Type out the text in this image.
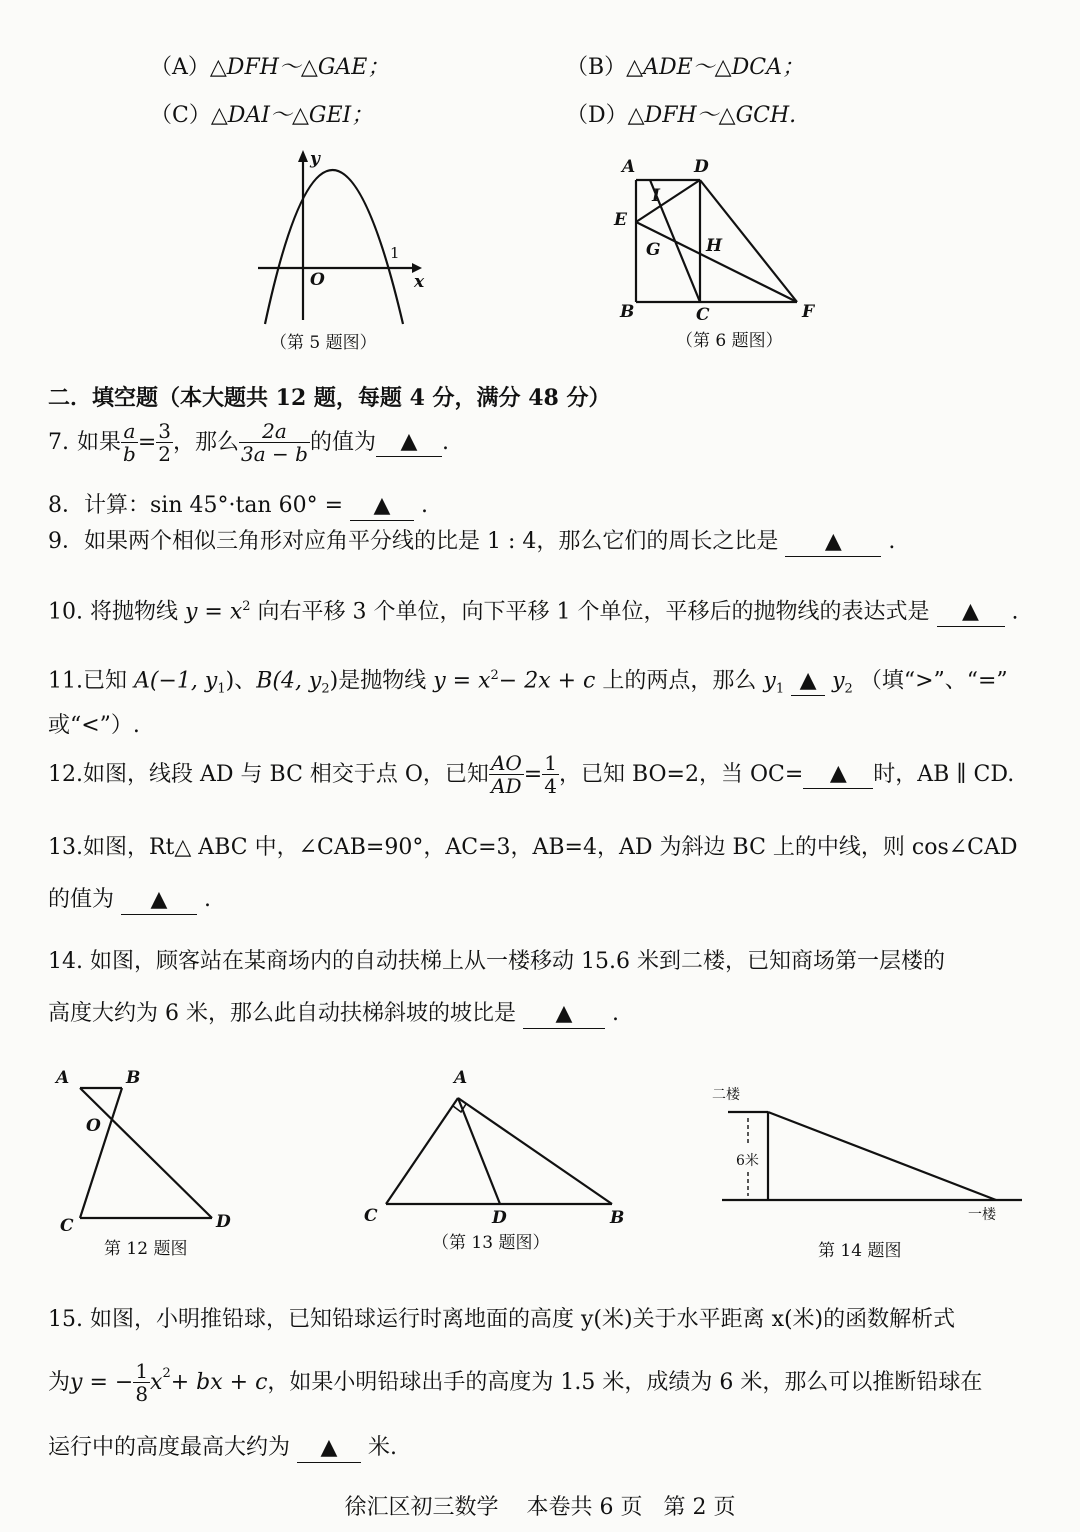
（A）△DFH～△GAE；	（B）△ADE～△DCA；
（C）△DAI～△GEI；	（D）△DFH～△GCH.
y
O	x
1
（第 5 题图）
A	D
I
E
G	H
B	C	F
（第 6 题图）
二．填空题（本大题共 12 题，每题 4 分，满分 48 分）
7. 如果 $\frac{a}{b} = \frac{3}{2}$ ，那么 $\frac{2a}{3a - b}$ 的值为	▲	.
8．计算：sin 45°·tan 60° = ▲ .
9．如果两个相似三角形对应角平分线的比是 1 : 4，那么它们的周长之比是 ▲ .
10. 将抛物线 $y = x^2$ 向右平移 3 个单位，向下平移 1 个单位，平移后的抛物线的表达式是 ▲ .
11.已知 A(−1, $y_1$)、B(4, $y_2$)是抛物线 $y = x^2- 2x + c$ 上的两点，那么 $y_1$ ▲ $y_2$ （填“>”、“=”
或“<”）.
12.如图，线段 AD 与 BC 相交于点 O，已知 $\frac{AO}{AD} = \frac{1}{4}$ ，已知 BO=2，当 OC=	▲	时，AB ∥ CD.
13.如图，Rt△ ABC 中，∠CAB=90°，AC=3，AB=4，AD 为斜边 BC 上的中线，则 cos∠CAD
的值为 ▲ .
14. 如图，顾客站在某商场内的自动扶梯上从一楼移动 15.6 米到二楼，已知商场第一层楼的
高度大约为 6 米，那么此自动扶梯斜坡的坡比是 ▲ .
A	B
O
C	D
第 12 题图
A
C	D	B
（第 13 题图）
二楼
6米
一楼
第 14 题图
15. 如图，小明推铅球，已知铅球运行时离地面的高度 y(米)关于水平距离 x(米)的函数解析式
为 y = − $\frac{1}{8} x^2$ + bx + c ，如果小明铅球出手的高度为 1.5 米，成绩为 6 米，那么可以推断铅球在
运行中的高度最高大约为 ▲ 米.
徐汇区初三数学    本卷共 6 页   第 2 页
